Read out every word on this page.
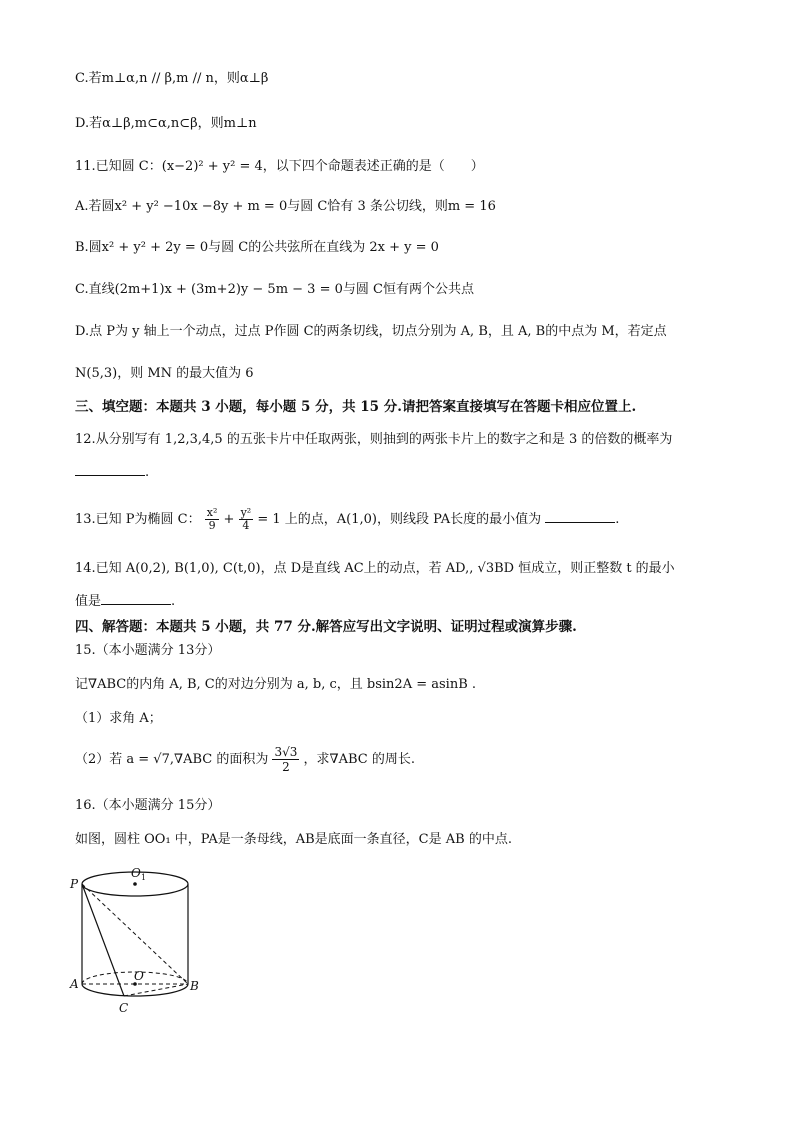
C.若m⊥α,n // β,m // n，则α⊥β
D.若α⊥β,m⊂α,n⊂β，则m⊥n
11.已知圆 C：(x−2)² + y² = 4，以下四个命题表述正确的是（　　）
A.若圆x² + y² −10x −8y + m = 0与圆 C恰有 3 条公切线，则m = 16
B.圆x² + y² + 2y = 0与圆 C的公共弦所在直线为 2x + y = 0
C.直线(2m+1)x + (3m+2)y − 5m − 3 = 0与圆 C恒有两个公共点
D.点 P为 y 轴上一个动点，过点 P作圆 C的两条切线，切点分别为 A, B，且 A, B的中点为 M，若定点
N(5,3)，则 MN 的最大值为 6
三、填空题：本题共 3 小题，每小题 5 分，共 15 分.请把答案直接填写在答题卡相应位置上.
12.从分别写有 1,2,3,4,5 的五张卡片中任取两张，则抽到的两张卡片上的数字之和是 3 的倍数的概率为
.
13.已知 P为椭圆 C： $\frac{\text{x²}}{9} + \frac{\text{y²}}{4} = 1$ 上的点，A(1,0)，则线段 PA长度的最小值为	.
14.已知 A(0,2), B(1,0), C(t,0)，点 D是直线 AC上的动点，若 AD,, √3BD 恒成立，则正整数 t 的最小
值是	.
四、解答题：本题共 5 小题，共 77 分.解答应写出文字说明、证明过程或演算步骤.
15.（本小题满分 13分）
记∇ABC的内角 A, B, C的对边分别为 a, b, c，且 bsin2A = asinB .
（1）求角 A；
（2）若 a = √7,∇ABC 的面积为 $\frac{3√3}{2}$ ，求∇ABC 的周长.
16.（本小题满分 15分）
如图，圆柱 OO₁ 中，PA是一条母线，AB是底面一条直径，C是 AB 的中点.
P
O 1
O
A	B
C
